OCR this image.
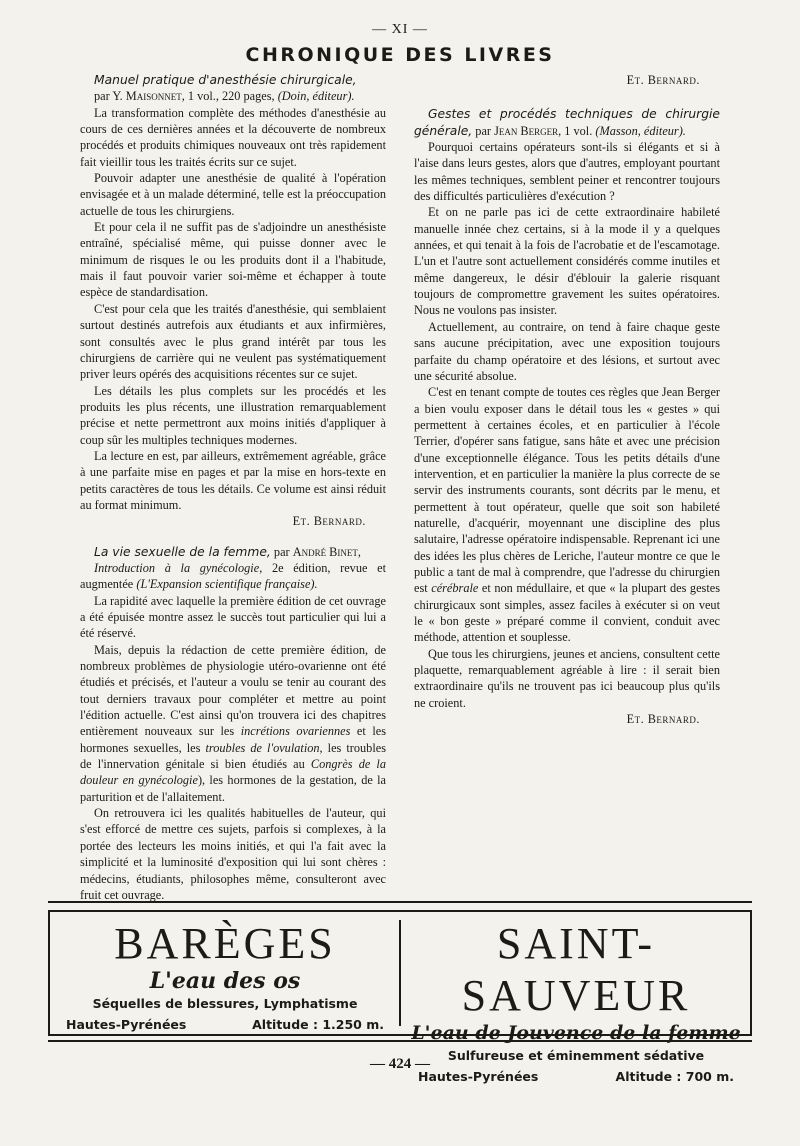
— XI —
CHRONIQUE DES LIVRES

Manuel pratique d'anesthésie chirurgicale,
par Y. Maisonnet, 1 vol., 220 pages, (Doin, éditeur).

La transformation complète des méthodes d'anesthésie au cours de ces dernières années et la découverte de nombreux procédés et produits chimiques nouveaux ont très rapidement fait vieillir tous les traités écrits sur ce sujet.

Pouvoir adapter une anesthésie de qualité à l'opération envisagée et à un malade déterminé, telle est la préoccupation actuelle de tous les chirurgiens.

Et pour cela il ne suffit pas de s'adjoindre un anesthésiste entraîné, spécialisé même, qui puisse donner avec le minimum de risques le ou les produits dont il a l'habitude, mais il faut pouvoir varier soi-même et échapper à toute espèce de standardisation.

C'est pour cela que les traités d'anesthésie, qui semblaient surtout destinés autrefois aux étudiants et aux infirmières, sont consultés avec le plus grand intérêt par tous les chirurgiens de carrière qui ne veulent pas systématiquement priver leurs opérés des acquisitions récentes sur ce sujet.

Les détails les plus complets sur les procédés et les produits les plus récents, une illustration remarquablement précise et nette permettront aux moins initiés d'appliquer à coup sûr les multiples techniques modernes.

La lecture en est, par ailleurs, extrêmement agréable, grâce à une parfaite mise en pages et par la mise en hors-texte en petits caractères de tous les détails. Ce volume est ainsi réduit au format minimum.

Et. Bernard.

La vie sexuelle de la femme, par André Binet,
Introduction à la gynécologie, 2e édition, revue et augmentée (L'Expansion scientifique française).

La rapidité avec laquelle la première édition de cet ouvrage a été épuisée montre assez le succès tout particulier qui lui a été réservé.

Mais, depuis la rédaction de cette première édition, de nombreux problèmes de physiologie utéro-ovarienne ont été étudiés et précisés, et l'auteur a voulu se tenir au courant des tout derniers travaux pour compléter et mettre au point l'édition actuelle. C'est ainsi qu'on trouvera ici des chapitres entièrement nouveaux sur les incrétions ovariennes et les hormones sexuelles, les troubles de l'ovulation, les troubles de l'innervation génitale si bien étudiés au Congrès de la douleur en gynécologie), les hormones de la gestation, de la parturition et de l'allaitement.

On retrouvera ici les qualités habituelles de l'auteur, qui s'est efforcé de mettre ces sujets, parfois si complexes, à la portée des lecteurs les moins initiés, et qui l'a fait avec la simplicité et la luminosité d'exposition qui lui sont chères : médecins, étudiants, philosophes même, consulteront avec fruit cet ouvrage.

Et. Bernard.

Gestes et procédés techniques de chirurgie générale, par Jean Berger, 1 vol. (Masson, éditeur).

Pourquoi certains opérateurs sont-ils si élégants et si à l'aise dans leurs gestes, alors que d'autres, employant pourtant les mêmes techniques, semblent peiner et rencontrer toujours des difficultés particulières d'exécution ?

Et on ne parle pas ici de cette extraordinaire habileté manuelle innée chez certains, si à la mode il y a quelques années, et qui tenait à la fois de l'acrobatie et de l'escamotage. L'un et l'autre sont actuellement considérés comme inutiles et même dangereux, le désir d'éblouir la galerie risquant toujours de compromettre gravement les suites opératoires. Nous ne voulons pas insister.

Actuellement, au contraire, on tend à faire chaque geste sans aucune précipitation, avec une exposition toujours parfaite du champ opératoire et des lésions, et surtout avec une sécurité absolue.

C'est en tenant compte de toutes ces règles que Jean Berger a bien voulu exposer dans le détail tous les « gestes » qui permettent à certaines écoles, et en particulier à l'école Terrier, d'opérer sans fatigue, sans hâte et avec une précision d'une exceptionnelle élégance. Tous les petits détails d'une intervention, et en particulier la manière la plus correcte de se servir des instruments courants, sont décrits par le menu, et permettent à tout opérateur, quelle que soit son habileté naturelle, d'acquérir, moyennant une discipline des plus salutaire, l'adresse opératoire indispensable. Reprenant ici une des idées les plus chères de Leriche, l'auteur montre ce que le public a tant de mal à comprendre, que l'adresse du chirurgien est cérébrale et non médullaire, et que « la plupart des gestes chirurgicaux sont simples, assez faciles à exécuter si on veut le « bon geste » préparé comme il convient, conduit avec méthode, attention et souplesse.

Que tous les chirurgiens, jeunes et anciens, consultent cette plaquette, remarquablement agréable à lire : il serait bien extraordinaire qu'ils ne trouvent pas ici beaucoup plus qu'ils ne croient.

Et. Bernard.

BARÈGES
L'eau des os
Séquelles de blessures, Lymphatisme
Hautes-Pyrénées	Altitude : 1.250 m.
SAINT-SAUVEUR
L'eau de Jouvence de la femme
Sulfureuse et éminemment sédative
Hautes-Pyrénées	Altitude : 700 m.
— 424 —
